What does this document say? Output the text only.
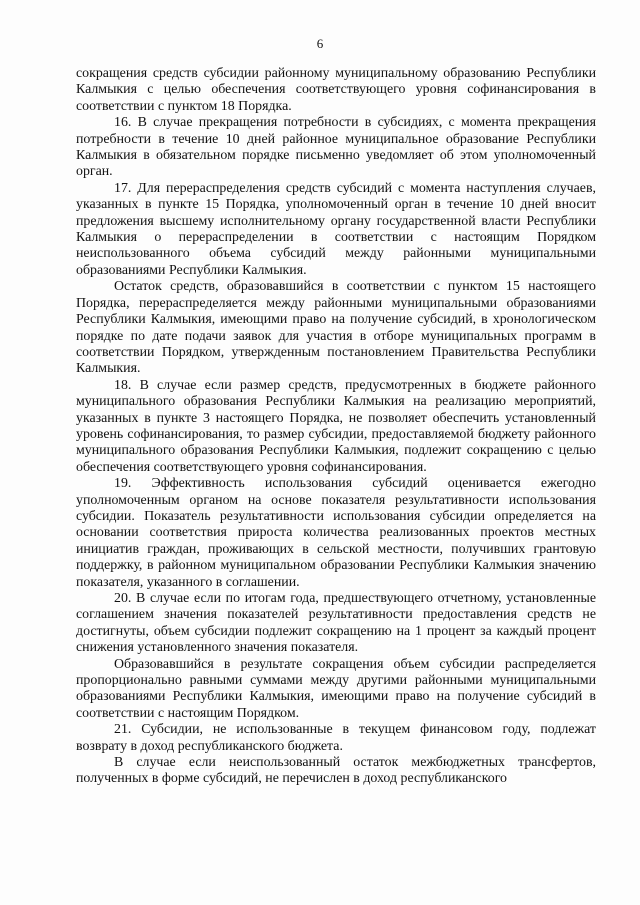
6

сокращения средств субсидии районному муниципальному образованию Республики Калмыкия с целью обеспечения соответствующего уровня софинансирования в соответствии с пунктом 18 Порядка.

16. В случае прекращения потребности в субсидиях, с момента прекращения потребности в течение 10 дней районное муниципальное образование Республики Калмыкия в обязательном порядке письменно уведомляет об этом уполномоченный орган.

17. Для перераспределения средств субсидий с момента наступления случаев, указанных в пункте 15 Порядка, уполномоченный орган в течение 10 дней вносит предложения высшему исполнительному органу государственной власти Республики Калмыкия о перераспределении в соответствии с настоящим Порядком неиспользованного объема субсидий между районными муниципальными образованиями Республики Калмыкия.

Остаток средств, образовавшийся в соответствии с пунктом 15 настоящего Порядка, перераспределяется между районными муниципальными образованиями Республики Калмыкия, имеющими право на получение субсидий, в хронологическом порядке по дате подачи заявок для участия в отборе муниципальных программ в соответствии Порядком, утвержденным постановлением Правительства Республики Калмыкия.

18. В случае если размер средств, предусмотренных в бюджете районного муниципального образования Республики Калмыкия на реализацию мероприятий, указанных в пункте 3 настоящего Порядка, не позволяет обеспечить установленный уровень софинансирования, то размер субсидии, предоставляемой бюджету районного муниципального образования Республики Калмыкия, подлежит сокращению с целью обеспечения соответствующего уровня софинансирования.

19. Эффективность использования субсидий оценивается ежегодно уполномоченным органом на основе показателя результативности использования субсидии. Показатель результативности использования субсидии определяется на основании соответствия прироста количества реализованных проектов местных инициатив граждан, проживающих в сельской местности, получивших грантовую поддержку, в районном муниципальном образовании Республики Калмыкия значению показателя, указанного в соглашении.

20. В случае если по итогам года, предшествующего отчетному, установленные соглашением значения показателей результативности предоставления средств не достигнуты, объем субсидии подлежит сокращению на 1 процент за каждый процент снижения установленного значения показателя.

Образовавшийся в результате сокращения объем субсидии распределяется пропорционально равными суммами между другими районными муниципальными образованиями Республики Калмыкия, имеющими право на получение субсидий в соответствии с настоящим Порядком.

21. Субсидии, не использованные в текущем финансовом году, подлежат возврату в доход республиканского бюджета.

В случае если неиспользованный остаток межбюджетных трансфертов, полученных в форме субсидий, не перечислен в доход республиканского
